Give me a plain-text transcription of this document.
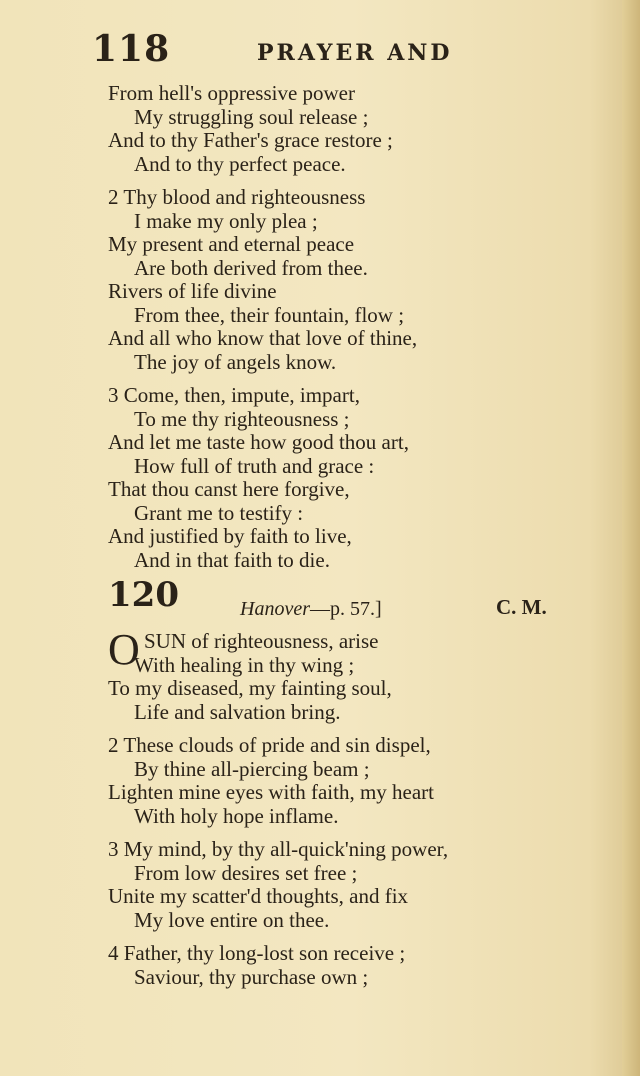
118	PRAYER AND
From hell's oppressive power
My struggling soul release ;
And to thy Father's grace restore ;
And to thy perfect peace.
2 Thy blood and righteousness
I make my only plea ;
My present and eternal peace
Are both derived from thee.
Rivers of life divine
From thee, their fountain, flow ;
And all who know that love of thine,
The joy of angels know.
3 Come, then, impute, impart,
To me thy righteousness ;
And let me taste how good thou art,
How full of truth and grace :
That thou canst here forgive,
Grant me to testify :
And justified by faith to live,
And in that faith to die.
120	Hanover—p. 57.]	C. M.
O SUN of righteousness, arise
With healing in thy wing ;
To my diseased, my fainting soul,
Life and salvation bring.
2 These clouds of pride and sin dispel,
By thine all-piercing beam ;
Lighten mine eyes with faith, my heart
With holy hope inflame.
3 My mind, by thy all-quick'ning power,
From low desires set free ;
Unite my scatter'd thoughts, and fix
My love entire on thee.
4 Father, thy long-lost son receive ;
Saviour, thy purchase own ;
